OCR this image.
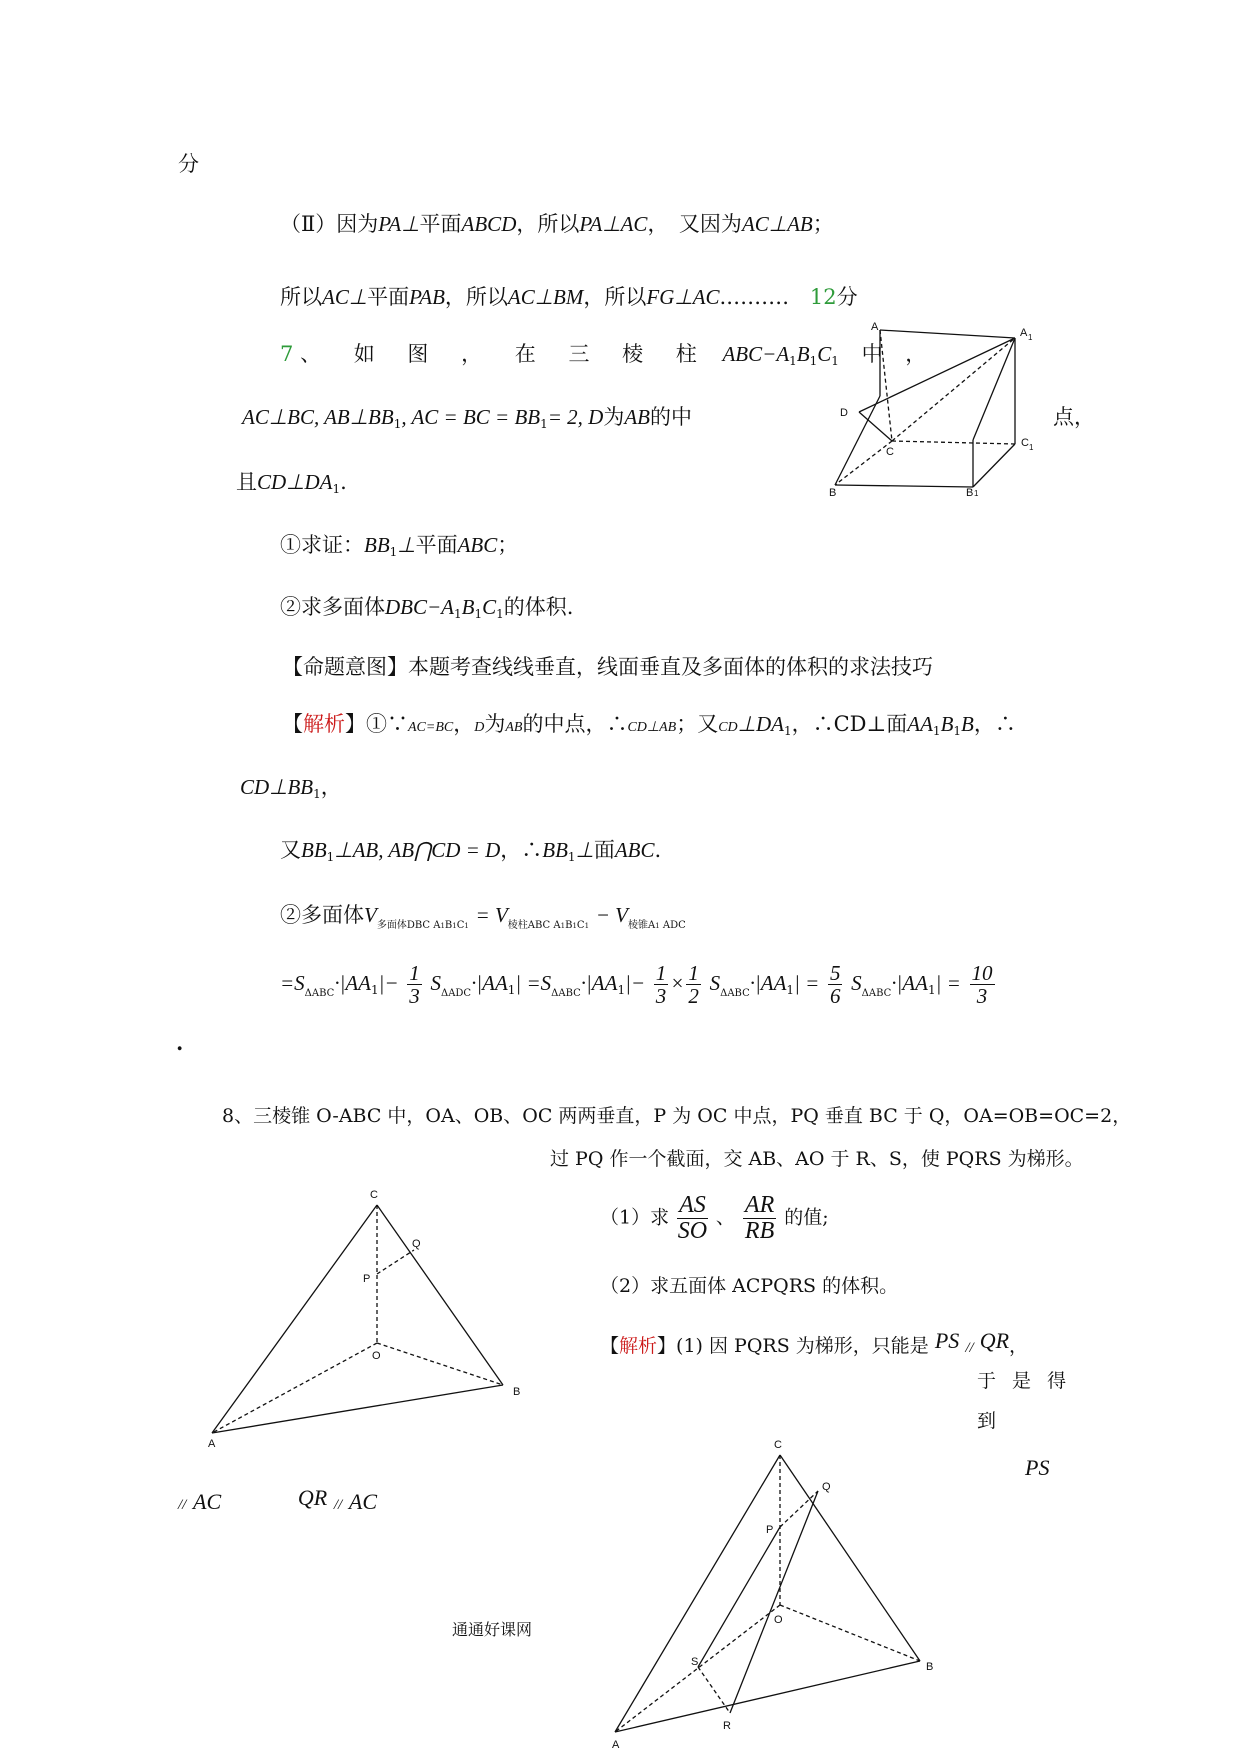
分
（Ⅱ）因为PA⊥平面ABCD，所以PA⊥AC，　又因为AC⊥AB；
所以AC⊥平面PAB，所以AC⊥BM，所以FG⊥AC.……… 12分
7 、 如 图 ， 在 三 棱 柱 $ABC-A_1B_1C_1$ 中 ，
AC⊥BC, $AB\perp BB_1$, AC = BC = $BB_1= 2$, D为AB的中	点，
且$CD\perp DA_1$.
A	A 1
D
C
C 1
B	B 1
①求证：$BB_1\perp$平面ABC；
②求多面体$DBC-A_1B_1C_1$的体积.
【命题意图】本题考查线线垂直，线面垂直及多面体的体积的求法技巧
【解析】①∵AC=BC，D为AB的中点，∴CD⊥AB；又$CD\perp DA_1$，∴CD⊥面$AA_1B_1B$，∴
$CD\perp BB_1$，
又$BB_1\perp AB$, AB⋂CD = D，$\therefore BB_1\perp$面ABC.
②多面体$V_{多面体DBC A1B1C1} = V_{棱柱ABC A1B1C1} - V_{棱锥A1}$ $_{ADC}$
$=S_{\Delta ABC}\cdot|AA_1|- \frac{1}{3} S_{\Delta ADC}\cdot|AA_1| =S_{\Delta ABC}\cdot|AA_1|- \frac{1}{3} \times \frac{1}{2} S_{\Delta ABC}\cdot|AA_1| = \frac{5}{6} S_{\Delta ABC}\cdot|AA_1| = \frac{10}{3}$
.
8、三棱锥 O-ABC 中，OA、OB、OC 两两垂直，P 为 OC 中点，PQ 垂直 BC 于 Q，OA=OB=OC=2，
过 PQ 作一个截面，交 AB、AO 于 R、S，使 PQRS 为梯形。
（1）求 $\frac{AS}{SO}$ 、 $\frac{AR}{RB}$ 的值;
（2）求五面体 ACPQRS 的体积。
【解析】(1) 因 PQRS 为梯形，只能是 PS // QR，
于 是 得
到
PS
// AC	QR // AC
C
Q
P
O
B
A	C
Q
P
O
S	B
R
A
通通好课网
